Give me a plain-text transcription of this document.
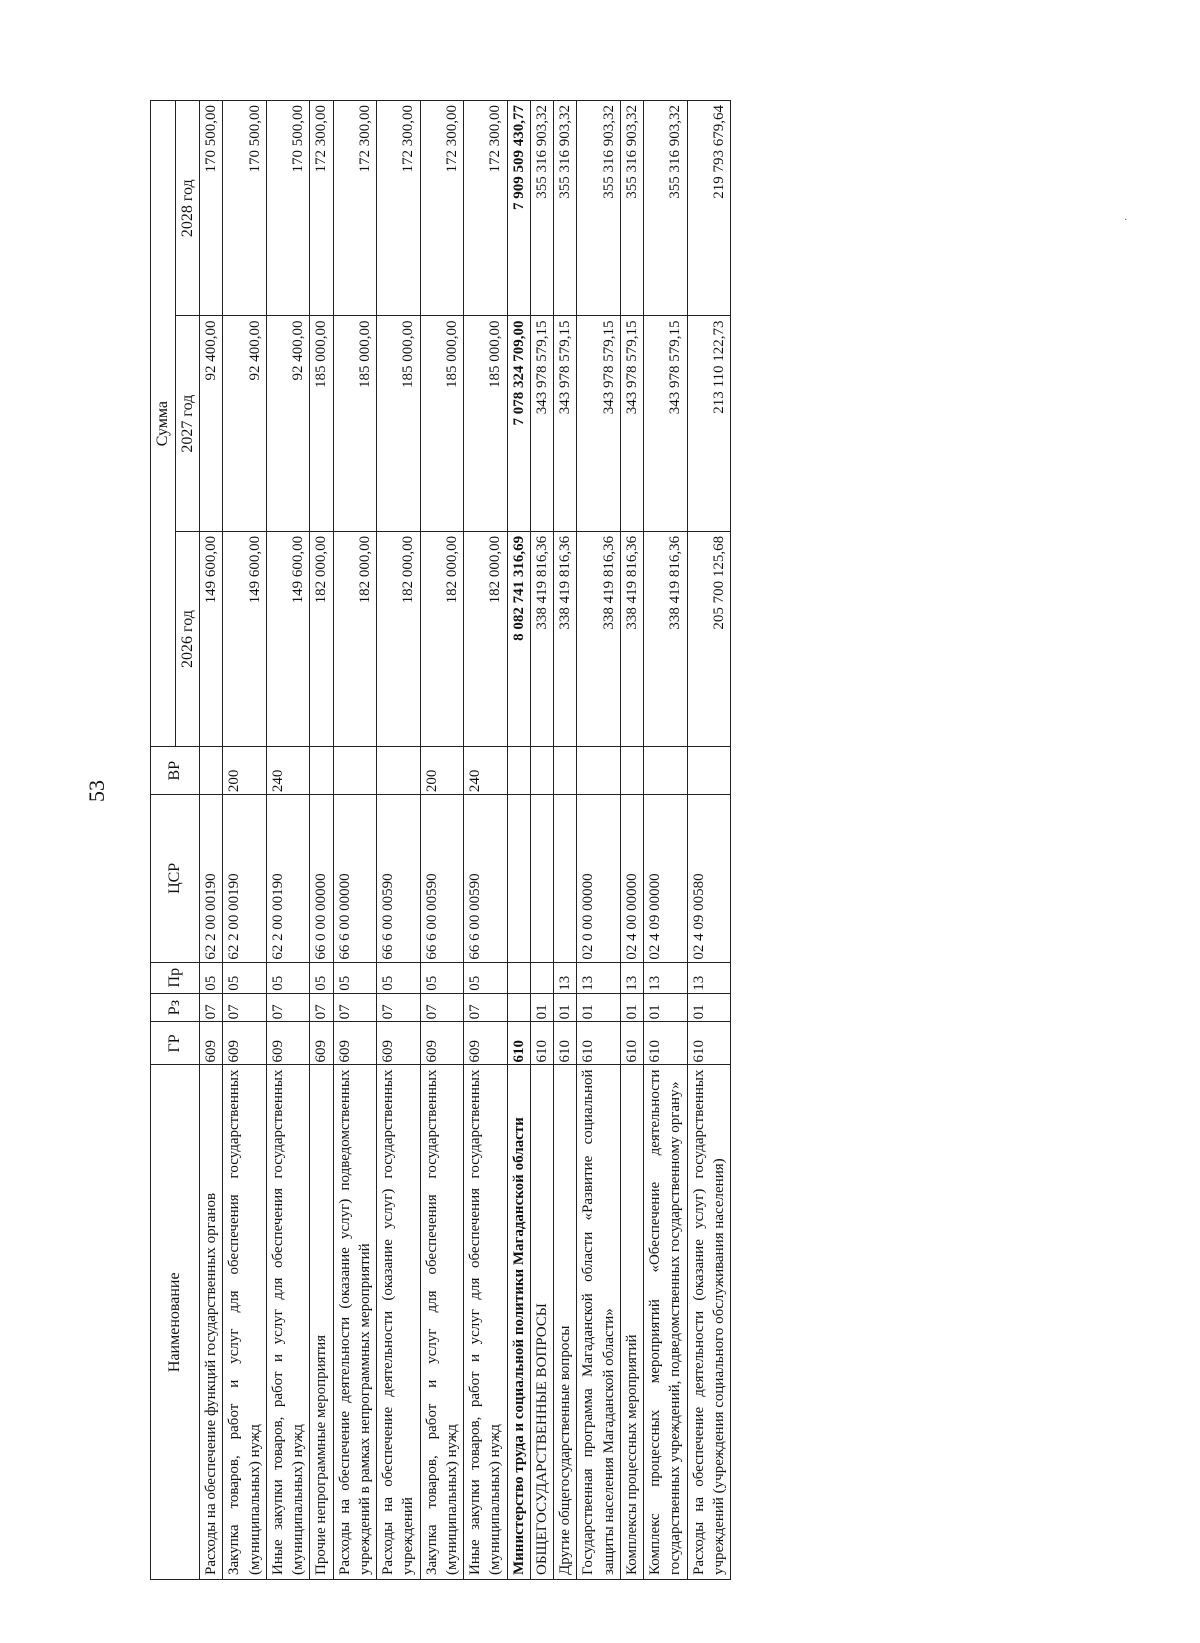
53
·
Наименование	ГР	Рз	Пр	ЦСР	ВР	Сумма		
						2026 год	2027 год	2028 год
Расходы на обеспечение функций государственных органов	609	07	05	62 2 00 00190		149 600,00	92 400,00	170 500,00
Закупка товаров, работ и услуг для обеспечения государственных (муниципальных) нужд	609	07	05	62 2 00 00190	200	149 600,00	92 400,00	170 500,00
Иные закупки товаров, работ и услуг для обеспечения государственных (муниципальных) нужд	609	07	05	62 2 00 00190	240	149 600,00	92 400,00	170 500,00
Прочие непрограммные мероприятия	609	07	05	66 0 00 00000		182 000,00	185 000,00	172 300,00
Расходы на обеспечение деятельности (оказание услуг) подведомственных учреждений в рамках непрограммных мероприятий	609	07	05	66 6 00 00000		182 000,00	185 000,00	172 300,00
Расходы на обеспечение деятельности (оказание услуг) государственных учреждений	609	07	05	66 6 00 00590		182 000,00	185 000,00	172 300,00
Закупка товаров, работ и услуг для обеспечения государственных (муниципальных) нужд	609	07	05	66 6 00 00590	200	182 000,00	185 000,00	172 300,00
Иные закупки товаров, работ и услуг для обеспечения государственных (муниципальных) нужд	609	07	05	66 6 00 00590	240	182 000,00	185 000,00	172 300,00
Министерство труда и социальной политики Магаданской области	610					8 082 741 316,69	7 078 324 709,00	7 909 509 430,77
ОБЩЕГОСУДАРСТВЕННЫЕ ВОПРОСЫ	610	01				338 419 816,36	343 978 579,15	355 316 903,32
Другие общегосударственные вопросы	610	01	13			338 419 816,36	343 978 579,15	355 316 903,32
Государственная программа Магаданской области «Развитие социальной защиты населения Магаданской области»	610	01	13	02 0 00 00000		338 419 816,36	343 978 579,15	355 316 903,32
Комплексы процессных мероприятий	610	01	13	02 4 00 00000		338 419 816,36	343 978 579,15	355 316 903,32
Комплекс процессных мероприятий «Обеспечение деятельности государственных учреждений, подведомственных государственному органу»	610	01	13	02 4 09 00000		338 419 816,36	343 978 579,15	355 316 903,32
Расходы на обеспечение деятельности (оказание услуг) государственных учреждений (учреждения социального обслуживания населения)	610	01	13	02 4 09 00580		205 700 125,68	213 110 122,73	219 793 679,64
